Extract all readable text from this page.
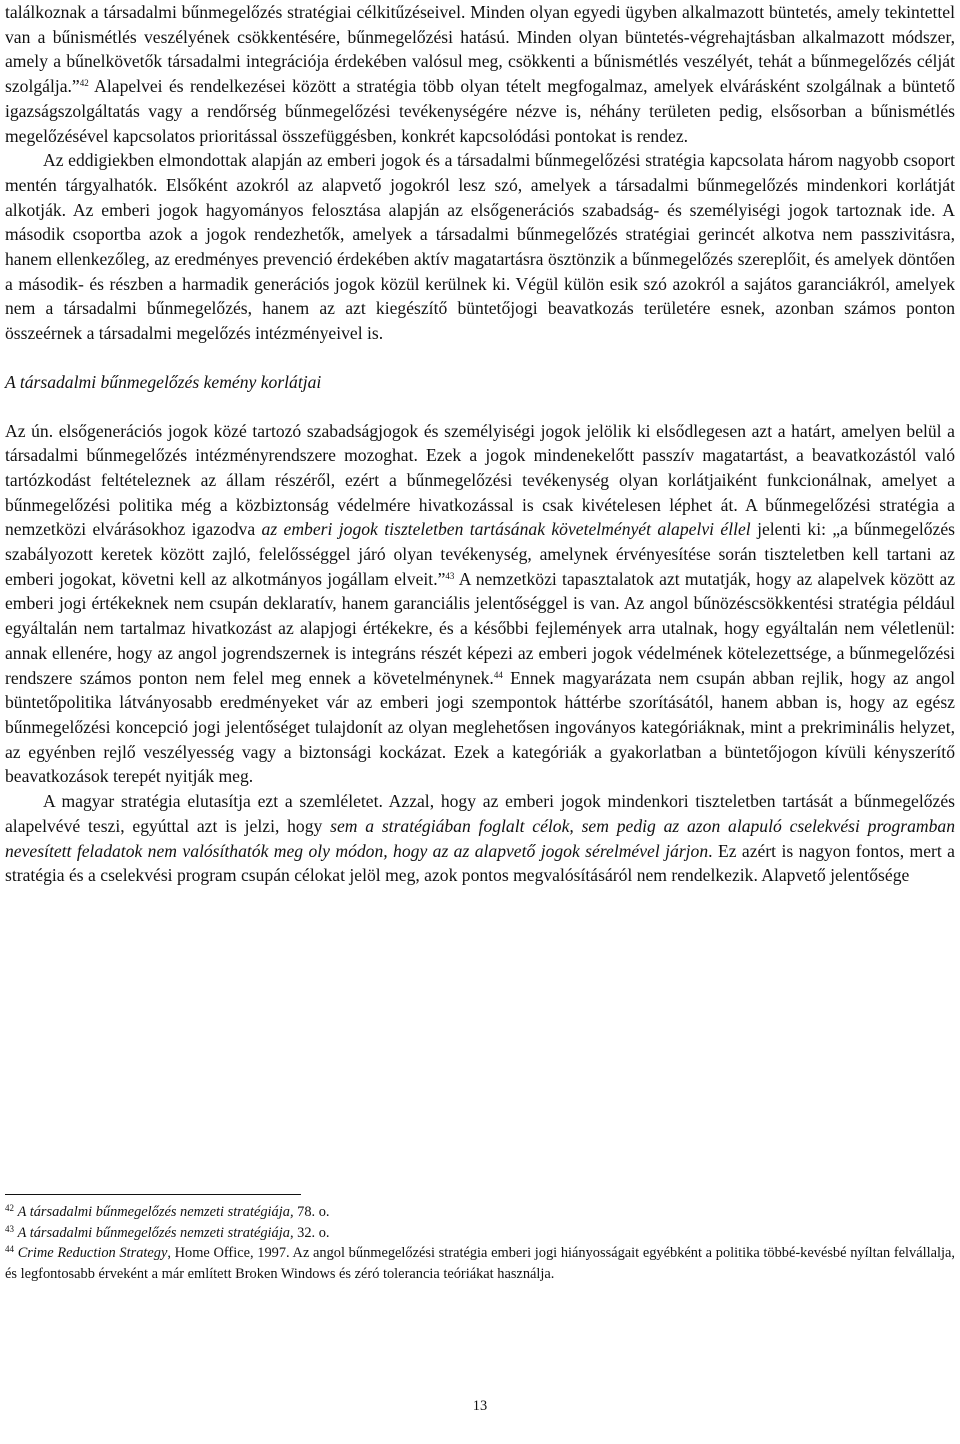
találkoznak a társadalmi bűnmegelőzés stratégiai célkitűzéseivel. Minden olyan egyedi ügyben alkalmazott büntetés, amely tekintettel van a bűnismétlés veszélyének csökkentésére, bűnmegelőzési hatású. Minden olyan büntetés-végrehajtásban alkalmazott módszer, amely a bűnelkövetők társadalmi integrációja érdekében valósul meg, csökkenti a bűnismétlés veszélyét, tehát a bűnmegelőzés célját szolgálja.”$^{42}$ Alapelvei és rendelkezései között a stratégia több olyan tételt megfogalmaz, amelyek elvárásként szolgálnak a büntető igazságszolgáltatás vagy a rendőrség bűnmegelőzési tevékenységére nézve is, néhány területen pedig, elsősorban a bűnismétlés megelőzésével kapcsolatos prioritással összefüggésben, konkrét kapcsolódási pontokat is rendez.

Az eddigiekben elmondottak alapján az emberi jogok és a társadalmi bűnmegelőzési stratégia kapcsolata három nagyobb csoport mentén tárgyalhatók. Elsőként azokról az alapvető jogokról lesz szó, amelyek a társadalmi bűnmegelőzés mindenkori korlátját alkotják. Az emberi jogok hagyományos felosztása alapján az elsőgenerációs szabadság- és személyiségi jogok tartoznak ide. A második csoportba azok a jogok rendezhetők, amelyek a társadalmi bűnmegelőzés stratégiai gerincét alkotva nem passzivitásra, hanem ellenkezőleg, az eredményes prevenció érdekében aktív magatartásra ösztönzik a bűnmegelőzés szereplőit, és amelyek döntően a második- és részben a harmadik generációs jogok közül kerülnek ki. Végül külön esik szó azokról a sajátos garanciákról, amelyek nem a társadalmi bűnmegelőzés, hanem az azt kiegészítő büntetőjogi beavatkozás területére esnek, azonban számos ponton összeérnek a társadalmi megelőzés intézményeivel is.

A társadalmi bűnmegelőzés kemény korlátjai

Az ún. elsőgenerációs jogok közé tartozó szabadságjogok és személyiségi jogok jelölik ki elsődlegesen azt a határt, amelyen belül a társadalmi bűnmegelőzés intézményrendszere mozoghat. Ezek a jogok mindenekelőtt passzív magatartást, a beavatkozástól való tartózkodást feltételeznek az állam részéről, ezért a bűnmegelőzési tevékenység olyan korlátjaiként funkcionálnak, amelyet a bűnmegelőzési politika még a közbiztonság védelmére hivatkozással is csak kivételesen léphet át. A bűnmegelőzési stratégia a nemzetközi elvárásokhoz igazodva az emberi jogok tiszteletben tartásának követelményét alapelvi éllel jelenti ki: „a bűnmegelőzés szabályozott keretek között zajló, felelősséggel járó olyan tevékenység, amelynek érvényesítése során tiszteletben kell tartani az emberi jogokat, követni kell az alkotmányos jogállam elveit.”$^{43}$ A nemzetközi tapasztalatok azt mutatják, hogy az alapelvek között az emberi jogi értékeknek nem csupán deklaratív, hanem garanciális jelentőséggel is van. Az angol bűnözéscsökkentési stratégia például egyáltalán nem tartalmaz hivatkozást az alapjogi értékekre, és a későbbi fejlemények arra utalnak, hogy egyáltalán nem véletlenül: annak ellenére, hogy az angol jogrendszernek is integráns részét képezi az emberi jogok védelmének kötelezettsége, a bűnmegelőzési rendszere számos ponton nem felel meg ennek a követelménynek.$^{44}$ Ennek magyarázata nem csupán abban rejlik, hogy az angol büntetőpolitika látványosabb eredményeket vár az emberi jogi szempontok háttérbe szorításától, hanem abban is, hogy az egész bűnmegelőzési koncepció jogi jelentőséget tulajdonít az olyan meglehetősen ingoványos kategóriáknak, mint a prekriminális helyzet, az egyénben rejlő veszélyesség vagy a biztonsági kockázat. Ezek a kategóriák a gyakorlatban a büntetőjogon kívüli kényszerítő beavatkozások terepét nyitják meg.

A magyar stratégia elutasítja ezt a szemléletet. Azzal, hogy az emberi jogok mindenkori tiszteletben tartását a bűnmegelőzés alapelvévé teszi, egyúttal azt is jelzi, hogy sem a stratégiában foglalt célok, sem pedig az azon alapuló cselekvési programban nevesített feladatok nem valósíthatók meg oly módon, hogy az az alapvető jogok sérelmével járjon. Ez azért is nagyon fontos, mert a stratégia és a cselekvési program csupán célokat jelöl meg, azok pontos megvalósításáról nem rendelkezik. Alapvető jelentősége

$^{42}$ A társadalmi bűnmegelőzés nemzeti stratégiája, 78. o.

$^{43}$ A társadalmi bűnmegelőzés nemzeti stratégiája, 32. o.

$^{44}$ Crime Reduction Strategy, Home Office, 1997. Az angol bűnmegelőzési stratégia emberi jogi hiányosságait egyébként a politika többé-kevésbé nyíltan felvállalja, és legfontosabb érveként a már említett Broken Windows és zéró tolerancia teóriákat használja.

13
